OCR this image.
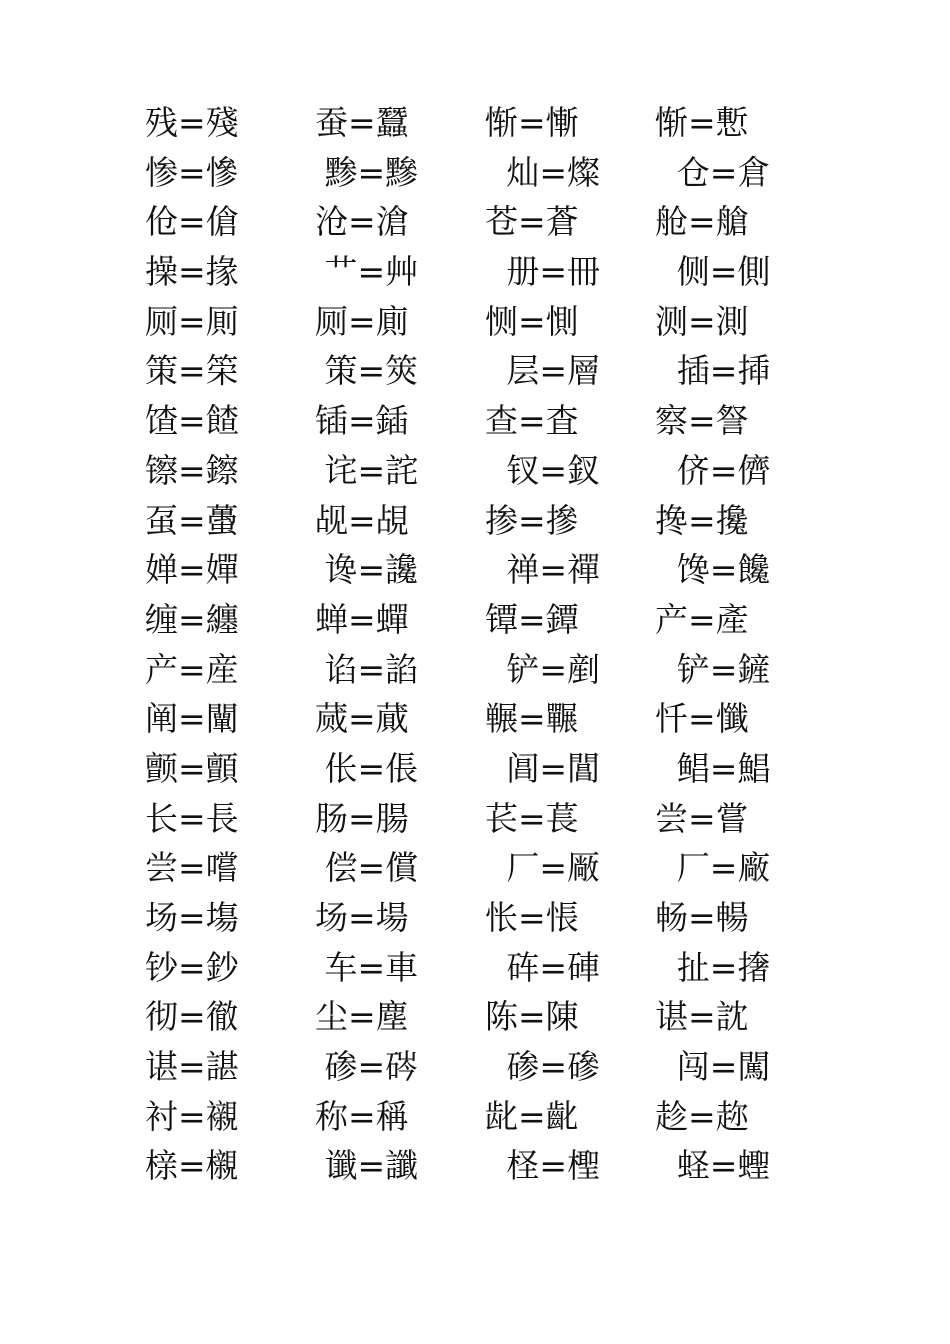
残=殘	蚕=蠶	惭=慚	惭=慙
惨=慘	黪=黲	灿=燦	仓=倉
伧=傖	沧=滄	苍=蒼	舱=艙
操=掾	艹=艸	册=冊	侧=側
厕=厠	厕=廁	恻=惻	测=測
策=筞	策=筴	层=層	插=揷
馇=餷	锸=鍤	查=査	察=詧
镲=鑔	诧=詫	钗=釵	侪=儕
虿=蠆	觇=覘	掺=摻	搀=攙
婵=嬋	谗=讒	禅=禪	馋=饞
缠=纏	蝉=蟬	镡=鐔	产=產
产=産	谄=諂	铲=剷	铲=鏟
阐=闡	蒇=蕆	冁=囅	忏=懺
颤=顫	伥=倀	阊=閶	鲳=鯧
长=長	肠=腸	苌=萇	尝=嘗
尝=嚐	偿=償	厂=厰	厂=廠
场=塲	场=場	怅=悵	畅=暢
钞=鈔	车=車	砗=硨	扯=撦
彻=徹	尘=塵	陈=陳	谌=訦
谌=諶	碜=硶	碜=磣	闯=闖
衬=襯	称=稱	龀=齔	趁=趂
榇=櫬	谶=讖	柽=檉	蛏=蟶
